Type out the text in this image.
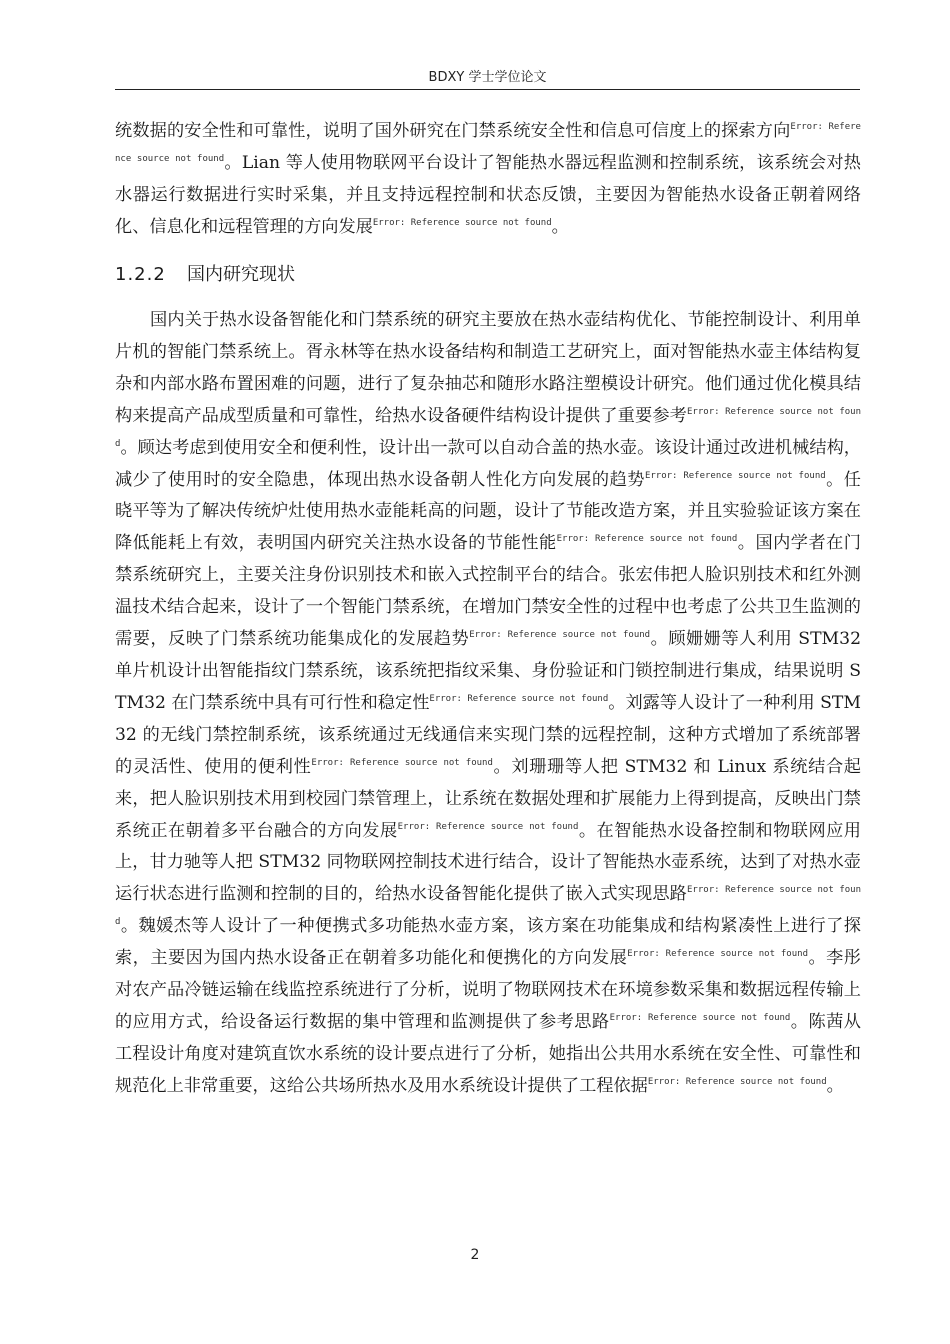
BDXY 学士学位论文

统数据的安全性和可靠性，说明了国外研究在门禁系统安全性和信息可信度上的探索方向$^{Error: Reference source not found}$。Lian 等人使用物联网平台设计了智能热水器远程监测和控制系统，该系统会对热水器运行数据进行实时采集，并且支持远程控制和状态反馈，主要因为智能热水设备正朝着网络化、信息化和远程管理的方向发展$^{Error: Reference source not found}$。

1.2.2 国内研究现状

国内关于热水设备智能化和门禁系统的研究主要放在热水壶结构优化、节能控制设计、利用单片机的智能门禁系统上。胥永林等在热水设备结构和制造工艺研究上，面对智能热水壶主体结构复杂和内部水路布置困难的问题，进行了复杂抽芯和随形水路注塑模设计研究。他们通过优化模具结构来提高产品成型质量和可靠性，给热水设备硬件结构设计提供了重要参考$^{Error: Reference source not found}$。顾达考虑到使用安全和便利性，设计出一款可以自动合盖的热水壶。该设计通过改进机械结构，减少了使用时的安全隐患，体现出热水设备朝人性化方向发展的趋势$^{Error: Reference source not found}$。任晓平等为了解决传统炉灶使用热水壶能耗高的问题，设计了节能改造方案，并且实验验证该方案在降低能耗上有效，表明国内研究关注热水设备的节能性能$^{Error: Reference source not found}$。国内学者在门禁系统研究上，主要关注身份识别技术和嵌入式控制平台的结合。张宏伟把人脸识别技术和红外测温技术结合起来，设计了一个智能门禁系统，在增加门禁安全性的过程中也考虑了公共卫生监测的需要，反映了门禁系统功能集成化的发展趋势$^{Error: Reference source not found}$。顾姗姗等人利用 STM32 单片机设计出智能指纹门禁系统，该系统把指纹采集、身份验证和门锁控制进行集成，结果说明 STM32 在门禁系统中具有可行性和稳定性$^{Error: Reference source not found}$。刘露等人设计了一种利用 STM32 的无线门禁控制系统，该系统通过无线通信来实现门禁的远程控制，这种方式增加了系统部署的灵活性、使用的便利性$^{Error: Reference source not found}$。刘珊珊等人把 STM32 和 Linux 系统结合起来，把人脸识别技术用到校园门禁管理上，让系统在数据处理和扩展能力上得到提高，反映出门禁系统正在朝着多平台融合的方向发展$^{Error: Reference source not found}$。在智能热水设备控制和物联网应用上，甘力驰等人把 STM32 同物联网控制技术进行结合，设计了智能热水壶系统，达到了对热水壶运行状态进行监测和控制的目的，给热水设备智能化提供了嵌入式实现思路$^{Error: Reference source not found}$。魏媛杰等人设计了一种便携式多功能热水壶方案，该方案在功能集成和结构紧凑性上进行了探索，主要因为国内热水设备正在朝着多功能化和便携化的方向发展$^{Error: Reference source not found}$。李彤对农产品冷链运输在线监控系统进行了分析，说明了物联网技术在环境参数采集和数据远程传输上的应用方式，给设备运行数据的集中管理和监测提供了参考思路$^{Error: Reference source not found}$。陈茜从工程设计角度对建筑直饮水系统的设计要点进行了分析，她指出公共用水系统在安全性、可靠性和规范化上非常重要，这给公共场所热水及用水系统设计提供了工程依据$^{Error: Reference source not found}$。

2
